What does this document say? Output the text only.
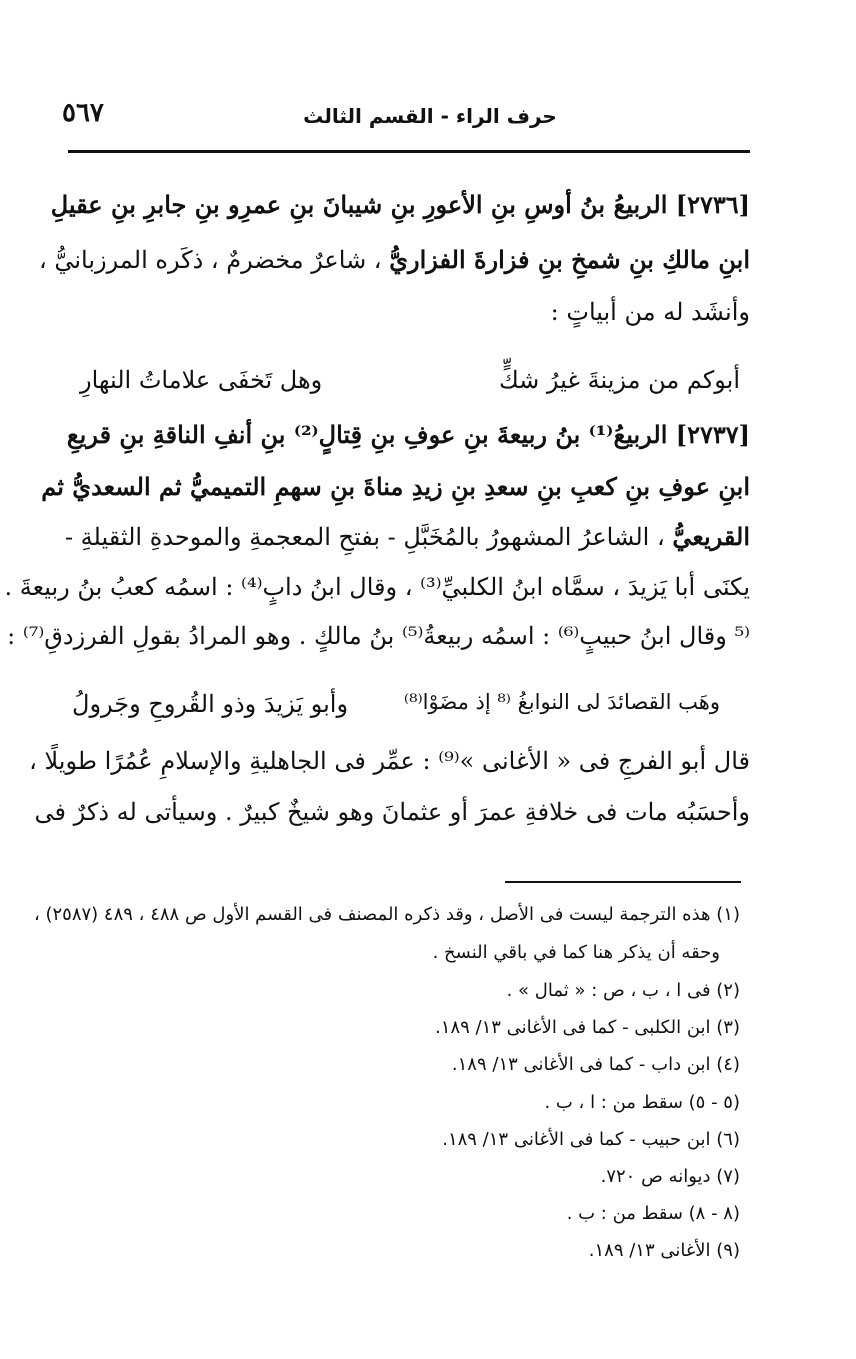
٥٦٧	حرف الراء - القسم الثالث
[٢٧٣٦] الربيعُ بنُ أوسِ بنِ الأعورِ بنِ شيبانَ بنِ عمرِو بنِ جابرِ بنِ عقيلِ
ابنِ مالكِ بنِ شمخِ بنِ فزارةَ الفزاريُّ ، شاعرٌ مخضرمٌ ، ذكَره المرزبانيُّ ،
وأنشَد له من أبياتٍ :
أبوكم من مزينةَ غيرُ شكٍّ
وهل تَخفَى علاماتُ النهارِ
[٢٧٣٧] الربيعُ⁽¹⁾ بنُ ربيعةَ بنِ عوفِ بنِ قِتالٍ⁽²⁾ بنِ أنفِ الناقةِ بنِ قريعِ
ابنِ عوفِ بنِ كعبِ بنِ سعدِ بنِ زيدِ مناةَ بنِ سهمِ التميميُّ ثم السعديُّ ثم
القريعيُّ ، الشاعرُ المشهورُ بالمُخَبَّلِ - بفتحِ المعجمةِ والموحدةِ الثقيلةِ -
يكنَى أبا يَزيدَ ، سمَّاه ابنُ الكلبيِّ⁽³⁾ ، وقال ابنُ دابٍ⁽⁴⁾ : اسمُه كعبُ بنُ ربيعةَ .
⁽⁵ وقال ابنُ حبيبٍ⁽⁶⁾ : اسمُه ربيعةُ⁽⁵⁾ بنُ مالكٍ . وهو المرادُ بقولِ الفرزدقِ⁽⁷⁾ :
وهَب القصائدَ لى النوابغُ ⁽⁸ إذ مضَوْا⁽⁸⁾
وأبو يَزيدَ وذو القُروحِ وجَرولُ
قال أبو الفرجِ فى « الأغانى »⁽⁹⁾ : عمِّر فى الجاهليةِ والإسلامِ عُمُرًا طويلًا ،
وأحسَبُه مات فى خلافةِ عمرَ أو عثمانَ وهو شيخٌ كبيرٌ . وسيأتى له ذكرٌ فى
(١) هذه الترجمة ليست فى الأصل ، وقد ذكره المصنف فى القسم الأول ص ٤٨٨ ، ٤٨٩ (٢٥٨٧) ،
وحقه أن يذكر هنا كما في باقي النسخ .
(٢) فى ا ، ب ، ص : « ثمال » .
(٣) ابن الكلبى - كما فى الأغانى ١٣/ ١٨٩.
(٤) ابن داب - كما فى الأغانى ١٣/ ١٨٩.
(٥ - ٥) سقط من : ا ، ب .
(٦) ابن حبيب - كما فى الأغانى ١٣/ ١٨٩.
(٧) ديوانه ص ٧٢٠.
(٨ - ٨) سقط من : ب .
(٩) الأغانى ١٣/ ١٨٩.
